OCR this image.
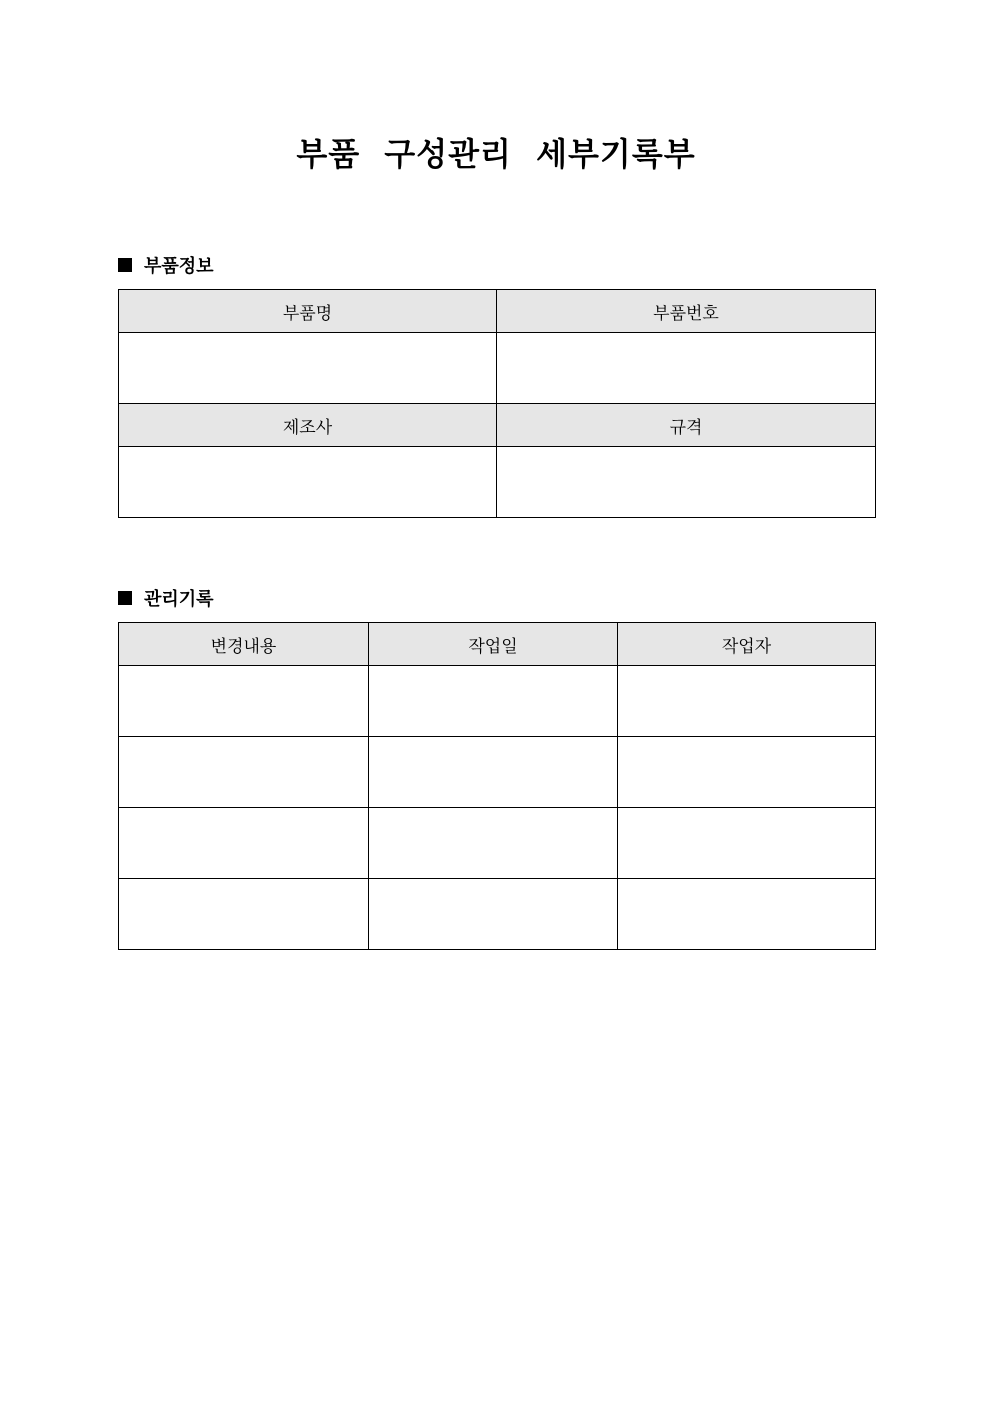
부품 구성관리 세부기록부
부품정보
부품명	부품번호

제조사	규격

관리기록
변경내용	작업일	작업자
